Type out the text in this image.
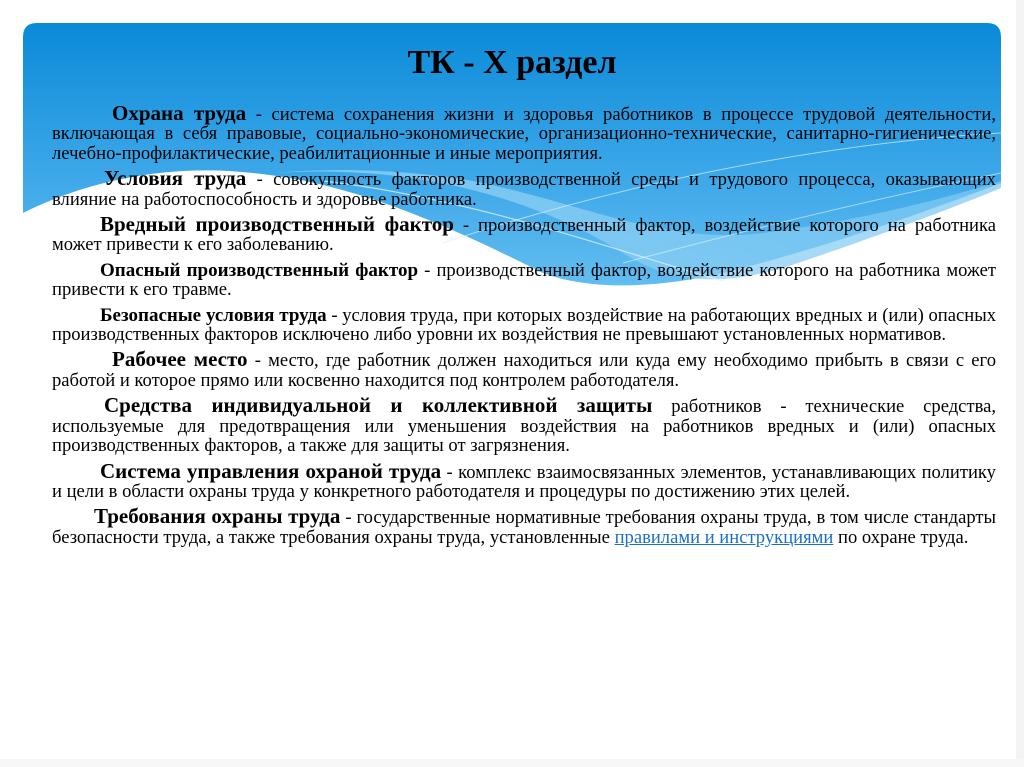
ТК - X раздел

Охрана труда - система сохранения жизни и здоровья работников в процессе трудовой деятельности, включающая в себя правовые, социально-экономические, организационно-технические, санитарно-гигиенические, лечебно-профилактические, реабилитационные и иные мероприятия.

Условия труда - совокупность факторов производственной среды и трудового процесса, оказывающих влияние на работоспособность и здоровье работника.

Вредный производственный фактор - производственный фактор, воздействие которого на работника может привести к его заболеванию.

Опасный производственный фактор - производственный фактор, воздействие которого на работника может привести к его травме.

Безопасные условия труда - условия труда, при которых воздействие на работающих вредных и (или) опасных производственных факторов исключено либо уровни их воздействия не превышают установленных нормативов.

Рабочее место - место, где работник должен находиться или куда ему необходимо прибыть в связи с его работой и которое прямо или косвенно находится под контролем работодателя.

Средства индивидуальной и коллективной защиты работников - технические средства, используемые для предотвращения или уменьшения воздействия на работников вредных и (или) опасных производственных факторов, а также для защиты от загрязнения.

Система управления охраной труда - комплекс взаимосвязанных элементов, устанавливающих политику и цели в области охраны труда у конкретного работодателя и процедуры по достижению этих целей.

Требования охраны труда - государственные нормативные требования охраны труда, в том числе стандарты безопасности труда, а также требования охраны труда, установленные правилами и инструкциями по охране труда.
